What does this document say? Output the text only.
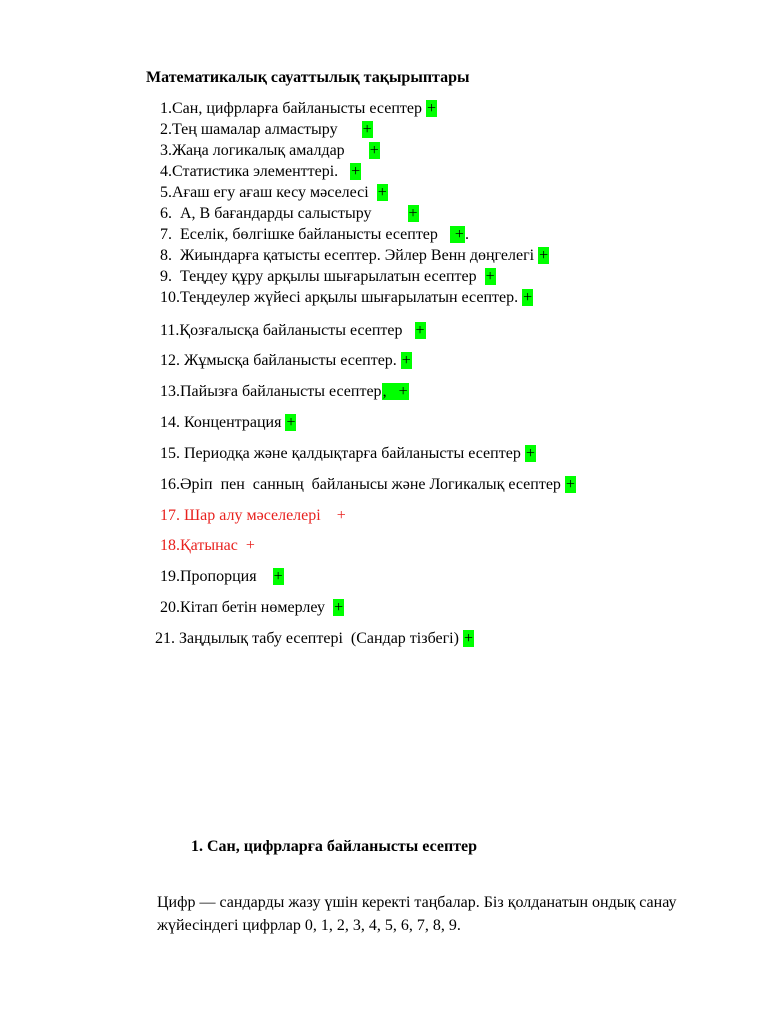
Математикалық сауаттылық тақырыптары
1.Сан, цифрларға байланысты есептер +
2.Тең шамалар алмастыру      +
3.Жаңа логикалық амалдар      +
4.Статистика элементтері.   +
5.Ағаш егу ағаш кесу мәселесі  +
6.  А, В бағандарды салыстыру         +
7.  Еселік, бөлгішке байланысты есептер    +.
8.  Жиындарға қатысты есептер. Эйлер Венн дөңгелегі +
9.  Теңдеу құру арқылы шығарылатын есептер  +
10.Теңдеулер жүйесі арқылы шығарылатын есептер. +
11.Қозғалысқа байланысты есептер   +
12. Жұмысқа байланысты есептер. +
13.Пайызға байланысты есептер,   +
14. Концентрация +
15. Периодқа және қалдықтарға байланысты есептер +
16.Әріп  пен  санның  байланысы және Логикалық есептер +
17. Шар алу мәселелері    +
18.Қатынас  +
19.Пропорция    +
20.Кітап бетін нөмерлеу  +
21. Заңдылық табу есептері  (Сандар тізбегі) +
1. Сан, цифрларға байланысты есептер
Цифр — сандарды жазу үшін керекті таңбалар. Біз қолданатын ондық санау жүйесіндегі цифрлар 0, 1, 2, 3, 4, 5, 6, 7, 8, 9.
